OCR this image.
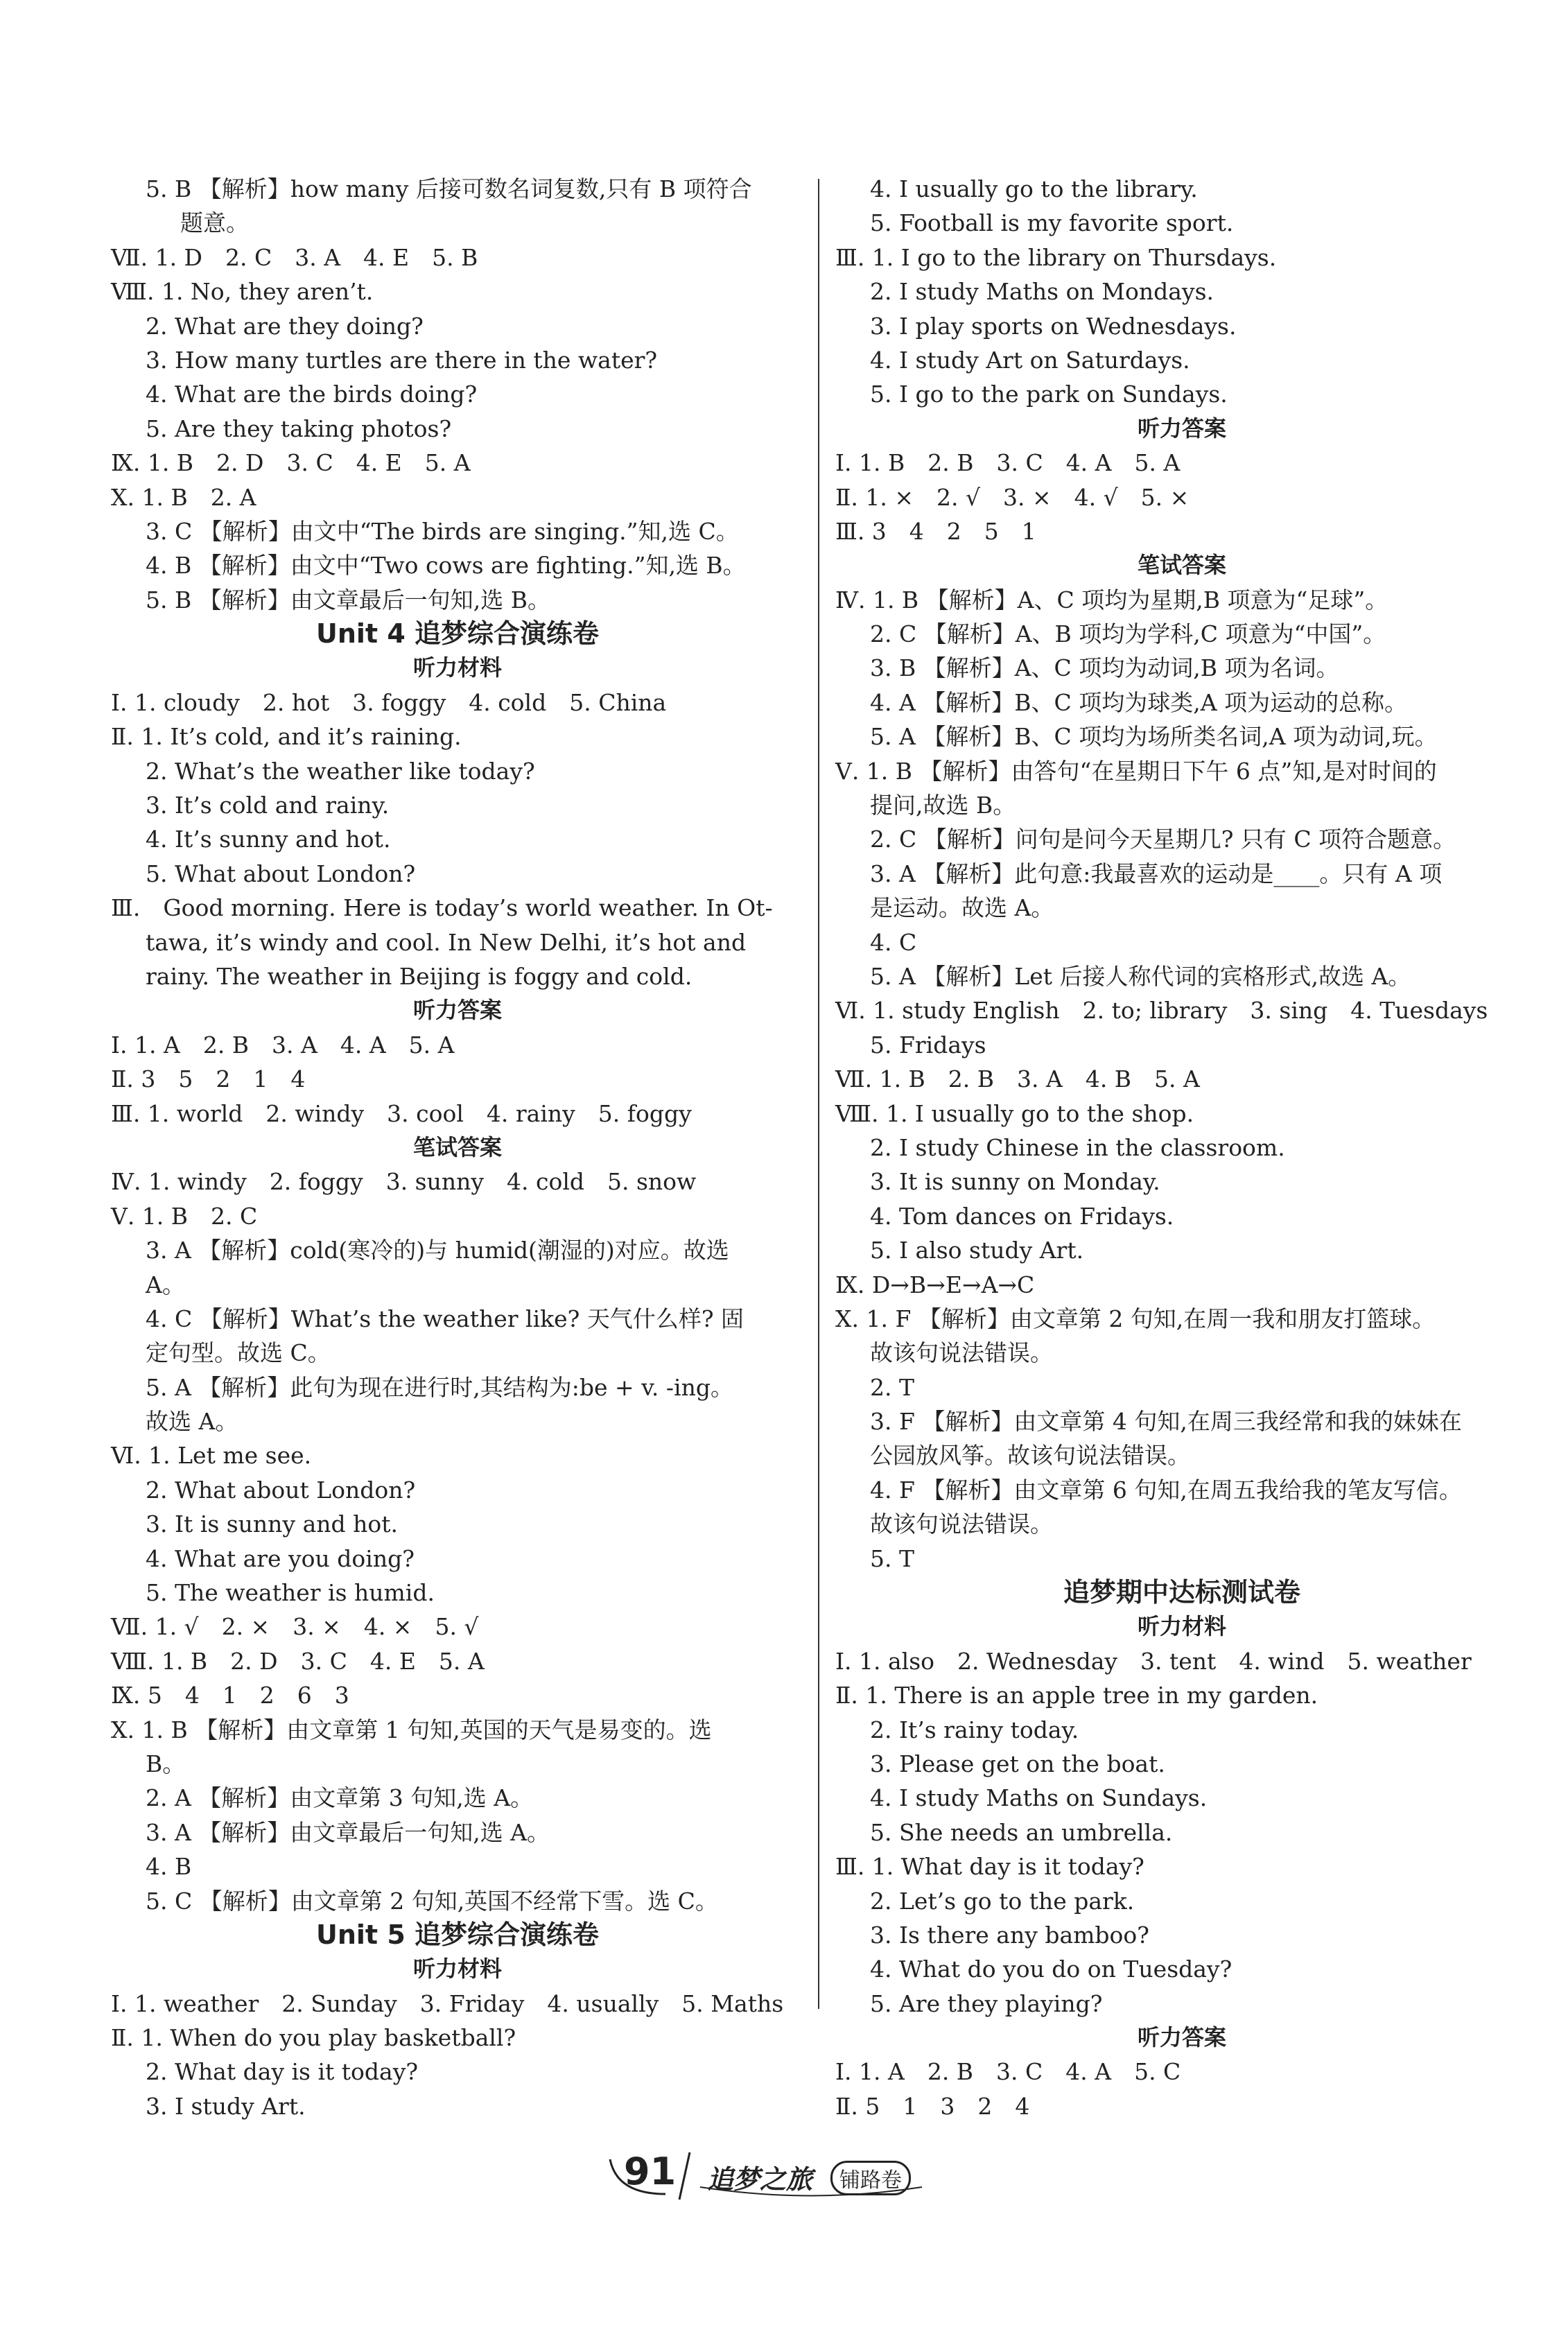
5. B 【解析】how many 后接可数名词复数,只有 B 项符合
题意。
Ⅶ. 1. D　2. C　3. A　4. E　5. B
Ⅷ. 1. No, they aren’t.
2. What are they doing?
3. How many turtles are there in the water?
4. What are the birds doing?
5. Are they taking photos?
Ⅸ. 1. B　2. D　3. C　4. E　5. A
Ⅹ. 1. B　2. A
3. C 【解析】由文中“The birds are singing.”知,选 C。
4. B 【解析】由文中“Two cows are fighting.”知,选 B。
5. B 【解析】由文章最后一句知,选 B。
Unit 4 追梦综合演练卷
听力材料
Ⅰ. 1. cloudy　2. hot　3. foggy　4. cold　5. China
Ⅱ. 1. It’s cold, and it’s raining.
2. What’s the weather like today?
3. It’s cold and rainy.
4. It’s sunny and hot.
5. What about London?
Ⅲ.　Good morning. Here is today’s world weather. In Ot-
tawa, it’s windy and cool. In New Delhi, it’s hot and
rainy. The weather in Beijing is foggy and cold.
听力答案
Ⅰ. 1. A　2. B　3. A　4. A　5. A
Ⅱ. 3　5　2　1　4
Ⅲ. 1. world　2. windy　3. cool　4. rainy　5. foggy
笔试答案
Ⅳ. 1. windy　2. foggy　3. sunny　4. cold　5. snow
Ⅴ. 1. B　2. C
3. A 【解析】cold(寒冷的)与 humid(潮湿的)对应。故选
A。
4. C 【解析】What’s the weather like? 天气什么样? 固
定句型。故选 C。
5. A 【解析】此句为现在进行时,其结构为:be + v. -ing。
故选 A。
Ⅵ. 1. Let me see.
2. What about London?
3. It is sunny and hot.
4. What are you doing?
5. The weather is humid.
Ⅶ. 1. √　2. ×　3. ×　4. ×　5. √
Ⅷ. 1. B　2. D　3. C　4. E　5. A
Ⅸ. 5　4　1　2　6　3
Ⅹ. 1. B 【解析】由文章第 1 句知,英国的天气是易变的。选
B。
2. A 【解析】由文章第 3 句知,选 A。
3. A 【解析】由文章最后一句知,选 A。
4. B
5. C 【解析】由文章第 2 句知,英国不经常下雪。选 C。
Unit 5 追梦综合演练卷
听力材料
Ⅰ. 1. weather　2. Sunday　3. Friday　4. usually　5. Maths
Ⅱ. 1. When do you play basketball?
2. What day is it today?
3. I study Art.
4. I usually go to the library.
5. Football is my favorite sport.
Ⅲ. 1. I go to the library on Thursdays.
2. I study Maths on Mondays.
3. I play sports on Wednesdays.
4. I study Art on Saturdays.
5. I go to the park on Sundays.
听力答案
Ⅰ. 1. B　2. B　3. C　4. A　5. A
Ⅱ. 1. ×　2. √　3. ×　4. √　5. ×
Ⅲ. 3　4　2　5　1
笔试答案
Ⅳ. 1. B 【解析】A、C 项均为星期,B 项意为“足球”。
2. C 【解析】A、B 项均为学科,C 项意为“中国”。
3. B 【解析】A、C 项均为动词,B 项为名词。
4. A 【解析】B、C 项均为球类,A 项为运动的总称。
5. A 【解析】B、C 项均为场所类名词,A 项为动词,玩。
Ⅴ. 1. B 【解析】由答句“在星期日下午 6 点”知,是对时间的
提问,故选 B。
2. C 【解析】问句是问今天星期几? 只有 C 项符合题意。
3. A 【解析】此句意:我最喜欢的运动是____。只有 A 项
是运动。故选 A。
4. C
5. A 【解析】Let 后接人称代词的宾格形式,故选 A。
Ⅵ. 1. study English　2. to; library　3. sing　4. Tuesdays
5. Fridays
Ⅶ. 1. B　2. B　3. A　4. B　5. A
Ⅷ. 1. I usually go to the shop.
2. I study Chinese in the classroom.
3. It is sunny on Monday.
4. Tom dances on Fridays.
5. I also study Art.
Ⅸ. D→B→E→A→C
Ⅹ. 1. F 【解析】由文章第 2 句知,在周一我和朋友打篮球。
故该句说法错误。
2. T
3. F 【解析】由文章第 4 句知,在周三我经常和我的妹妹在
公园放风筝。故该句说法错误。
4. F 【解析】由文章第 6 句知,在周五我给我的笔友写信。
故该句说法错误。
5. T
追梦期中达标测试卷
听力材料
Ⅰ. 1. also　2. Wednesday　3. tent　4. wind　5. weather
Ⅱ. 1. There is an apple tree in my garden.
2. It’s rainy today.
3. Please get on the boat.
4. I study Maths on Sundays.
5. She needs an umbrella.
Ⅲ. 1. What day is it today?
2. Let’s go to the park.
3. Is there any bamboo?
4. What do you do on Tuesday?
5. Are they playing?
听力答案
Ⅰ. 1. A　2. B　3. C　4. A　5. C
Ⅱ. 5　1　3　2　4
91 追梦之旅	铺路卷
